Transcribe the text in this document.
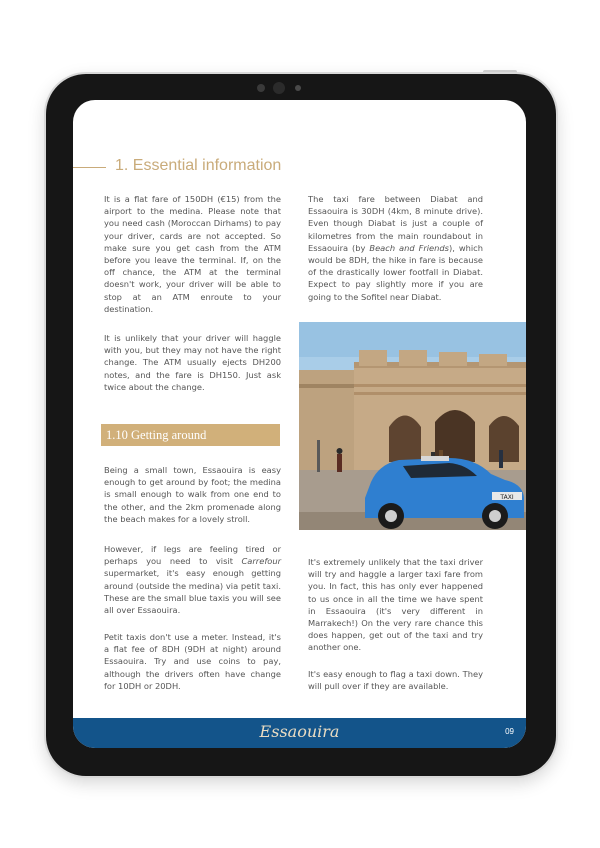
1. Essential information

It is a flat fare of 150DH (€15) from the airport to the medina. Please note that you need cash (Moroccan Dirhams) to pay your driver, cards are not accepted. So make sure you get cash from the ATM before you leave the terminal. If, on the off chance, the ATM at the terminal doesn't work, your driver will be able to stop at an ATM enroute to your destination.

It is unlikely that your driver will haggle with you, but they may not have the right change. The ATM usually ejects DH200 notes, and the fare is DH150. Just ask twice about the change.

The taxi fare between Diabat and Essaouira is 30DH (4km, 8 minute drive). Even though Diabat is just a couple of kilometres from the main roundabout in Essaouira (by Beach and Friends), which would be 8DH, the hike in fare is because of the drastically lower footfall in Diabat. Expect to pay slightly more if you are going to the Sofitel near Diabat.

1.10 Getting around

Being a small town, Essaouira is easy enough to get around by foot; the medina is small enough to walk from one end to the other, and the 2km promenade along the beach makes for a lovely stroll.

However, if legs are feeling tired or perhaps you need to visit Carrefour supermarket, it's easy enough getting around (outside the medina) via petit taxi. These are the small blue taxis you will see all over Essaouira.

Petit taxis don't use a meter. Instead, it's a flat fee of 8DH (9DH at night) around Essaouira. Try and use coins to pay, although the drivers often have change for 10DH or 20DH.

It's extremely unlikely that the taxi driver will try and haggle a larger taxi fare from you. In fact, this has only ever happened to us once in all the time we have spent in Essaouira (it's very different in Marrakech!) On the very rare chance this does happen, get out of the taxi and try another one.

It's easy enough to flag a taxi down. They will pull over if they are available.

TAXI
Essaouira	09
